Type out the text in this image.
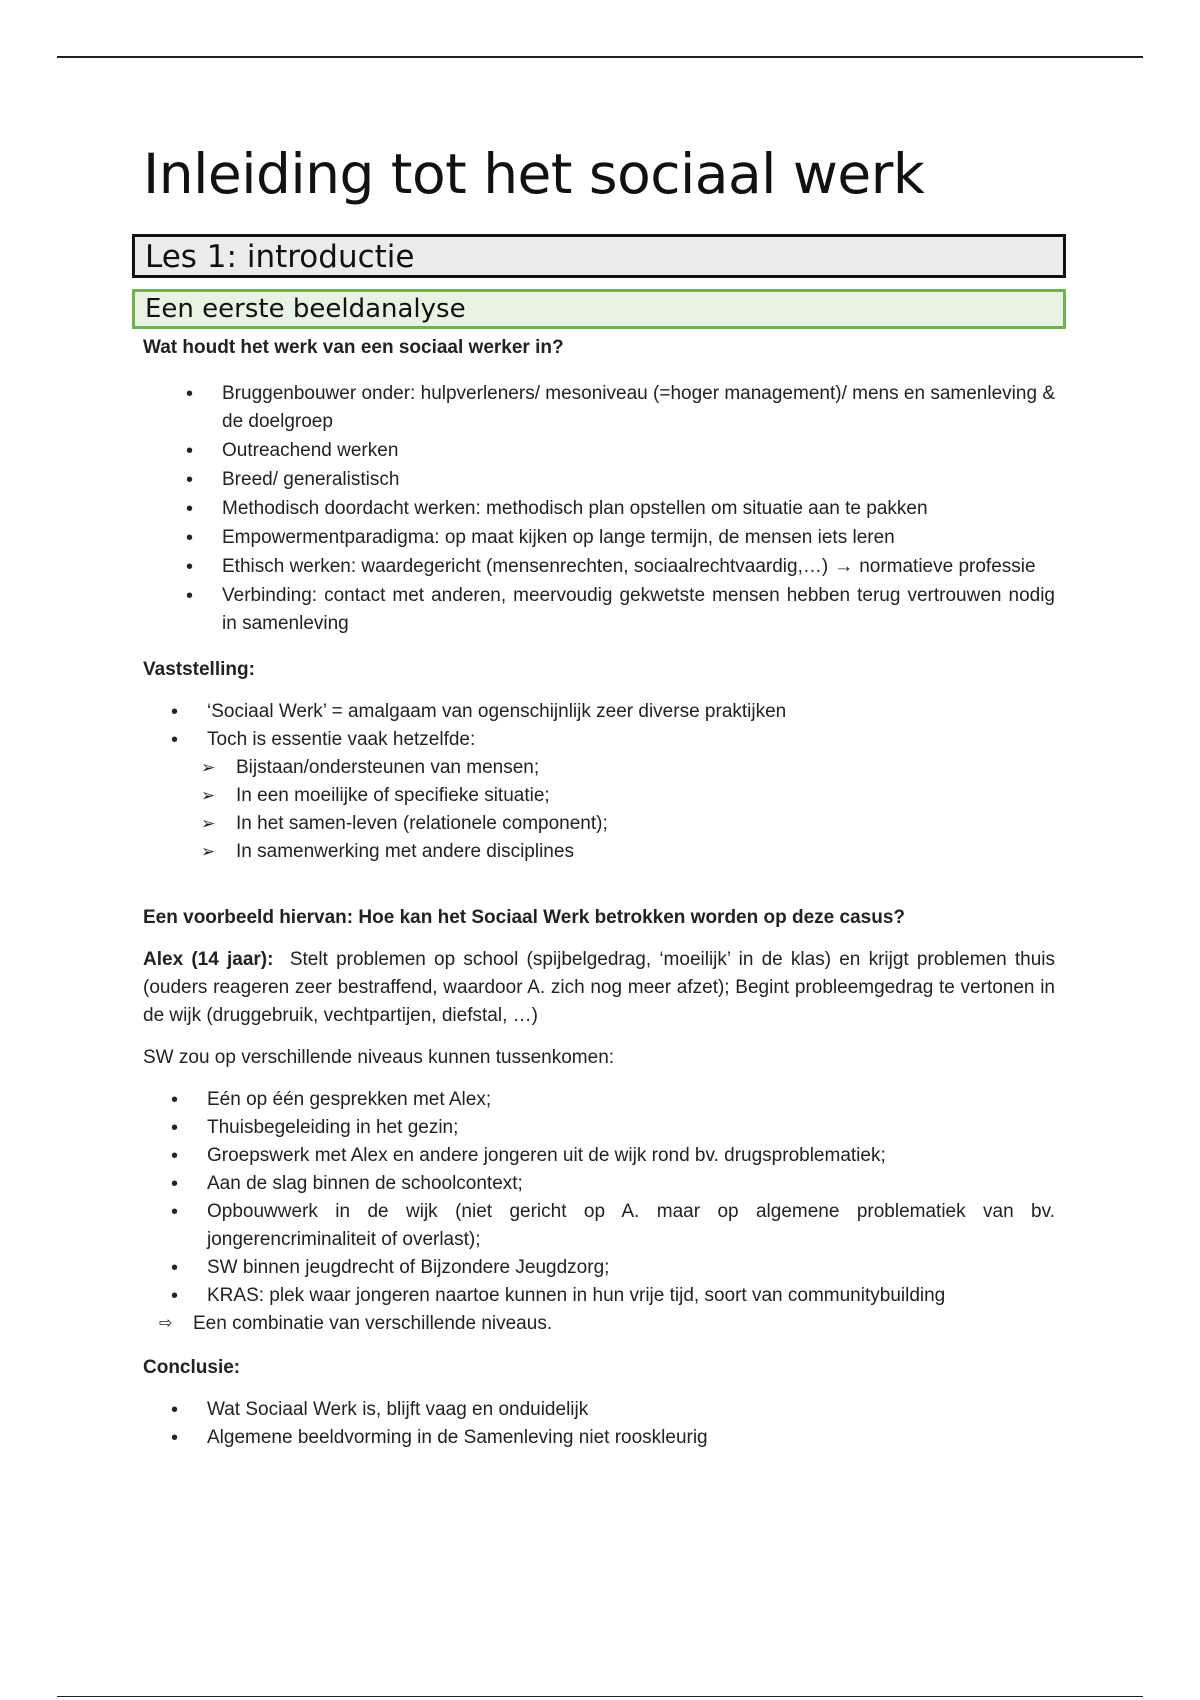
Inleiding tot het sociaal werk
Les 1: introductie
Een eerste beeldanalyse

Wat houdt het werk van een sociaal werker in?

• Bruggenbouwer onder: hulpverleners/ mesoniveau (=hoger management)/ mens en samenleving & de doelgroep
• Outreachend werken
• Breed/ generalistisch
• Methodisch doordacht werken: methodisch plan opstellen om situatie aan te pakken
• Empowermentparadigma: op maat kijken op lange termijn, de mensen iets leren
• Ethisch werken: waardegericht (mensenrechten, sociaalrechtvaardig,…) → normatieve professie
• Verbinding: contact met anderen, meervoudig gekwetste mensen hebben terug vertrouwen nodig in samenleving

Vaststelling:

• ‘Sociaal Werk’ = amalgaam van ogenschijnlijk zeer diverse praktijken
• Toch is essentie vaak hetzelfde:
➢ Bijstaan/ondersteunen van mensen;
➢ In een moeilijke of specifieke situatie;
➢ In het samen-leven (relationele component);
➢ In samenwerking met andere disciplines

Een voorbeeld hiervan: Hoe kan het Sociaal Werk betrokken worden op deze casus?

Alex (14 jaar): Stelt problemen op school (spijbelgedrag, ‘moeilijk’ in de klas) en krijgt problemen thuis (ouders reageren zeer bestraffend, waardoor A. zich nog meer afzet); Begint probleemgedrag te vertonen in de wijk (druggebruik, vechtpartijen, diefstal, …)

SW zou op verschillende niveaus kunnen tussenkomen:

• Eén op één gesprekken met Alex;
• Thuisbegeleiding in het gezin;
• Groepswerk met Alex en andere jongeren uit de wijk rond bv. drugsproblematiek;
• Aan de slag binnen de schoolcontext;
• Opbouwwerk in de wijk (niet gericht op A. maar op algemene problematiek van bv. jongerencriminaliteit of overlast);
• SW binnen jeugdrecht of Bijzondere Jeugdzorg;
• KRAS: plek waar jongeren naartoe kunnen in hun vrije tijd, soort van communitybuilding
⇨ Een combinatie van verschillende niveaus.

Conclusie:

• Wat Sociaal Werk is, blijft vaag en onduidelijk
• Algemene beeldvorming in de Samenleving niet rooskleurig
